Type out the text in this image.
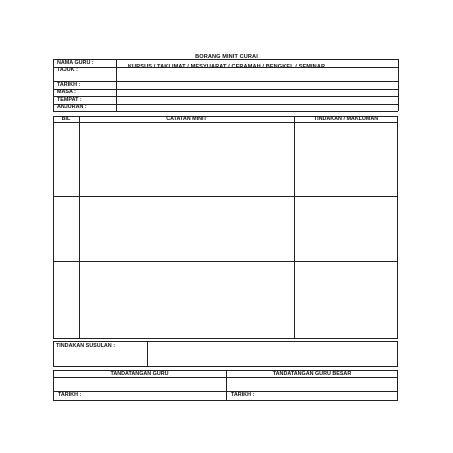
BORANG MINIT CURAI
KURSUS / TAKLIMAT / MESYUARAT / CERAMAH / BENGKEL / SEMINAR
NAMA GURU :
TAJUK :
TARIKH :
MASA :
TEMPAT :
ANJURAN :
BIL	CATATAN MINIT	TINDAKAN / MAKLUMAN
TINDAKAN SUSULAN :
TANDATANGAN GURU	TANDATANGAN GURU BESAR
TARIKH :	TARIKH :
